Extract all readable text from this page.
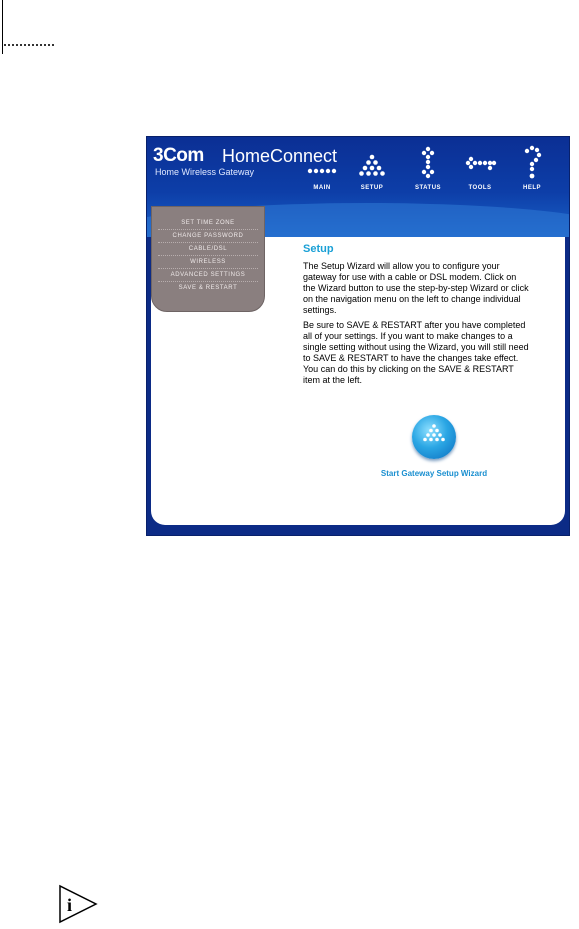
3Com HomeConnect
Home Wireless Gateway
MAIN	SETUP	STATUS	TOOLS	HELP
Setup

The Setup Wizard will allow you to configure your gateway for use with a cable or DSL modem. Click on the Wizard button to use the step-by-step Wizard or click on the navigation menu on the left to change individual settings.

Be sure to SAVE & RESTART after you have completed all of your settings. If you want to make changes to a single setting without using the Wizard, you will still need to SAVE & RESTART to have the changes take effect. You can do this by clicking on the SAVE & RESTART item at the left.

Start Gateway Setup Wizard
SET TIME ZONE
CHANGE PASSWORD
CABLE/DSL
WIRELESS
ADVANCED SETTINGS
SAVE & RESTART
i
